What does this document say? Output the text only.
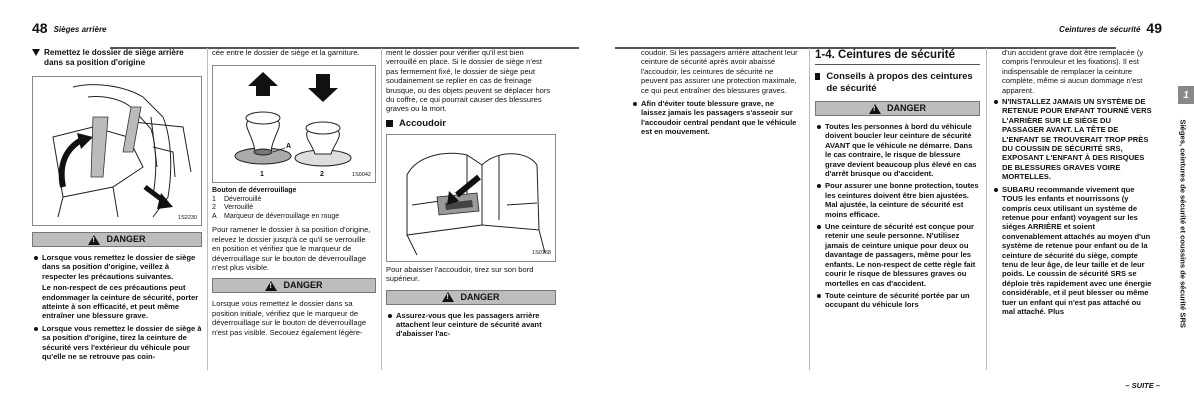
48 Sièges arrière
Remettez le dossier de siège arrière dans sa position d'origine
1S2230
!
DANGER

Lorsque vous remettez le dossier de siège dans sa position d'origine, veillez à respecter les précautions suivantes.

Le non-respect de ces précautions peut endommager la ceinture de sécurité, porter atteinte à son efficacité, et peut même entraîner une blessure grave.

Lorsque vous remettez le dossier de siège à sa position d'origine, tirez la ceinture de sécurité vers l'extérieur du véhicule pour qu'elle ne se retrouve pas coin-

cée entre le dossier de siège et la garniture.
A
1	2	1S0042
Bouton de déverrouillage
1	Déverrouillé
2	Verrouillé
A	Marqueur de déverrouillage en rouge
Pour ramener le dossier à sa position d'origine, relevez le dossier jusqu'à ce qu'il se verrouille en position et vérifiez que le marqueur de déverrouillage sur le bouton de déverrouillage n'est plus visible.
!
DANGER
Lorsque vous remettez le dossier dans sa position initiale, vérifiez que le marqueur de déverrouillage sur le bouton de déverrouillage n'est pas visible. Secouez également légère-
ment le dossier pour vérifier qu'il est bien verrouillé en place. Si le dossier de siège n'est pas fermement fixé, le dossier de siège peut soudainement se replier en cas de freinage brusque, ou des objets peuvent se déplacer hors du coffre, ce qui pourrait causer des blessures graves ou la mort.
Accoudoir
1S0168
Pour abaisser l'accoudoir, tirez sur son bord supérieur.
!
DANGER
Assurez-vous que les passagers arrière attachent leur ceinture de sécurité avant d'abaisser l'ac-
Ceintures de sécurité 49
coudoir. Si les passagers arrière attachent leur ceinture de sécurité après avoir abaissé l'accoudoir, les ceintures de sécurité ne peuvent pas assurer une protection maximale, ce qui peut entraîner des blessures graves.
Afin d'éviter toute blessure grave, ne laissez jamais les passagers s'asseoir sur l'accoudoir central pendant que le véhicule est en mouvement.
1-4. Ceintures de sécurité
Conseils à propos des ceintures de sécurité
!
DANGER
Toutes les personnes à bord du véhicule doivent boucler leur ceinture de sécurité AVANT que le véhicule ne démarre. Dans le cas contraire, le risque de blessure grave devient beaucoup plus élevé en cas d'arrêt brusque ou d'accident.
Pour assurer une bonne protection, toutes les ceintures doivent être bien ajustées. Mal ajustée, la ceinture de sécurité est moins efficace.
Une ceinture de sécurité est conçue pour retenir une seule personne. N'utilisez jamais de ceinture unique pour deux ou davantage de passagers, même pour les enfants. Le non-respect de cette règle fait courir le risque de blessures graves ou mortelles en cas d'accident.
Toute ceinture de sécurité portée par un occupant du véhicule lors
d'un accident grave doit être remplacée (y compris l'enrouleur et les fixations). Il est indispensable de remplacer la ceinture complète, même si aucun dommage n'est apparent.
N'INSTALLEZ JAMAIS UN SYSTÈME DE RETENUE POUR ENFANT TOURNÉ VERS L'ARRIÈRE SUR LE SIÈGE DU PASSAGER AVANT. LA TÊTE DE L'ENFANT SE TROUVERAIT TROP PRÈS DU COUSSIN DE SÉCURITÉ SRS, EXPOSANT L'ENFANT À DES RISQUES DE BLESSURES GRAVES VOIRE MORTELLES.
SUBARU recommande vivement que TOUS les enfants et nourrissons (y compris ceux utilisant un système de retenue pour enfant) voyagent sur les sièges ARRIÈRE et soient convenablement attachés au moyen d'un système de retenue pour enfant ou de la ceinture de sécurité du siège, compte tenu de leur âge, de leur taille et de leur poids. Le coussin de sécurité SRS se déploie très rapidement avec une énergie considérable, et il peut blesser ou même tuer un enfant qui n'est pas attaché ou mal attaché. Plus
– SUITE –
1
Sièges, ceintures de sécurité et coussins de sécurité SRS
